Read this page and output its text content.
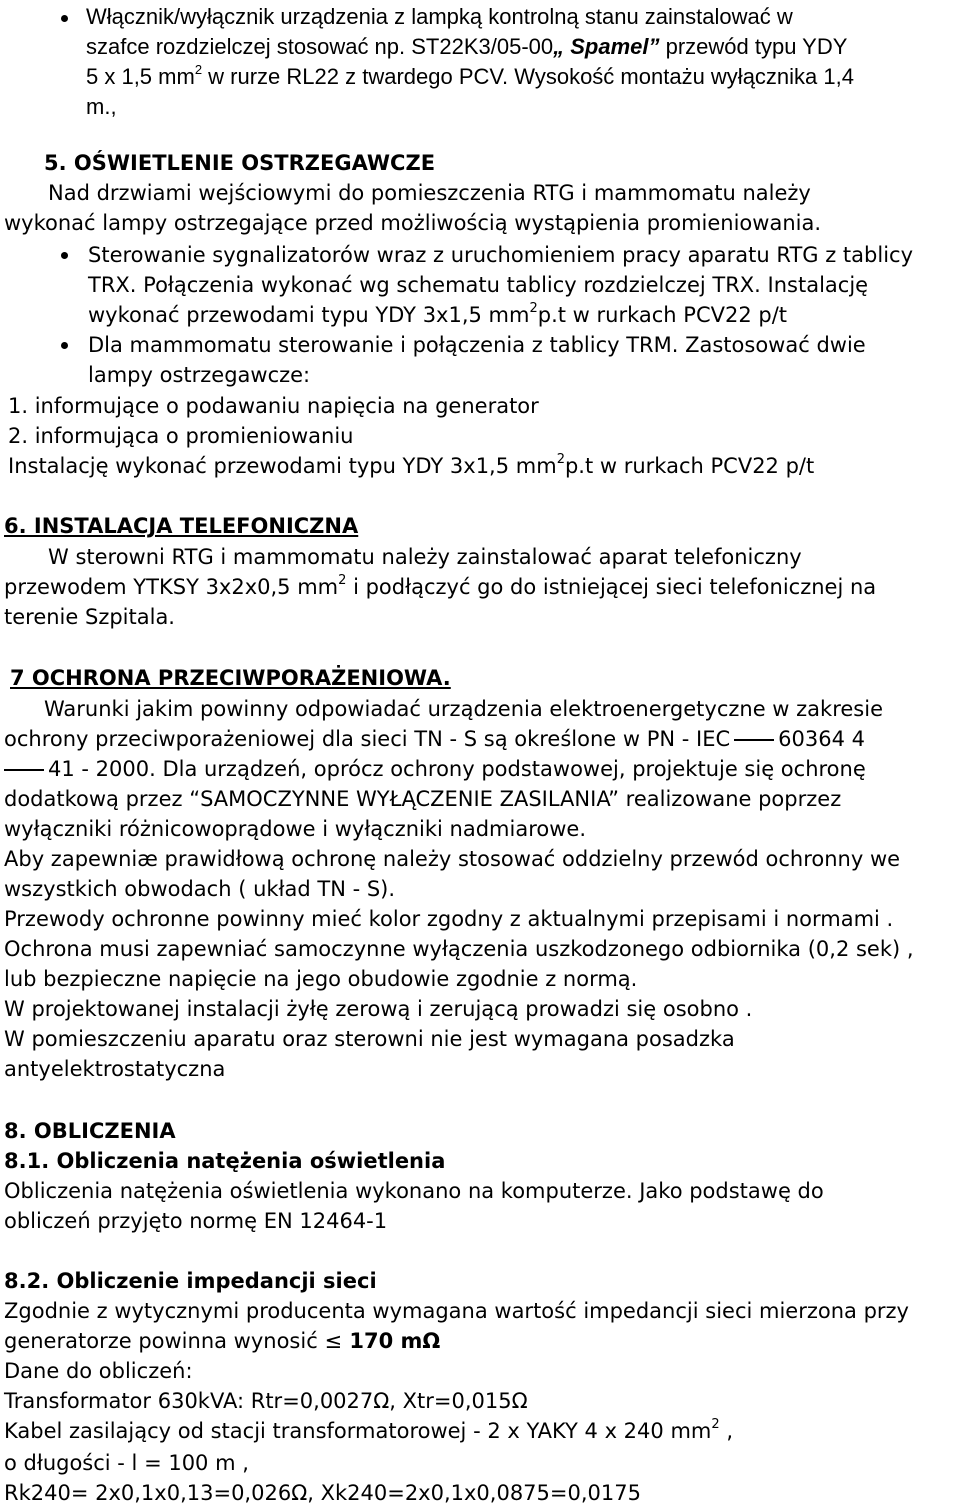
Włącznik/wyłącznik urządzenia z lampką kontrolną stanu zainstalować w
szafce rozdzielczej stosować np. ST22K3/05-00„ Spamel” przewód typu YDY
5 x 1,5 $mm^2$ w rurze RL22 z twardego PCV. Wysokość montażu wyłącznika 1,4
m.,
5. OŚWIETLENIE OSTRZEGAWCZE
Nad drzwiami wejściowymi do pomieszczenia RTG i mammomatu należy
wykonać lampy ostrzegające przed możliwością wystąpienia promieniowania.
Sterowanie sygnalizatorów wraz z uruchomieniem pracy aparatu RTG z tablicy
TRX. Połączenia wykonać wg schematu tablicy rozdzielczej TRX. Instalację
wykonać przewodami typu YDY 3x1,5 $mm^2p.t$ w rurkach PCV22 p/t
Dla mammomatu sterowanie i połączenia z tablicy TRM. Zastosować dwie
lampy ostrzegawcze:
1. informujące o podawaniu napięcia na generator
2. informująca o promieniowaniu
Instalację wykonać przewodami typu YDY 3x1,5 $mm^2p.t$ w rurkach PCV22 p/t
6. INSTALACJA TELEFONICZNA
W sterowni RTG i mammomatu należy zainstalować aparat telefoniczny
przewodem YTKSY 3x2x0,5 $mm^2$ i podłączyć go do istniejącej sieci telefonicznej na
terenie Szpitala.
7 OCHRONA PRZECIWPORAŻENIOWA.
Warunki jakim powinny odpowiadać urządzenia elektroenergetyczne w zakresie
ochrony przeciwporażeniowej dla sieci TN - S są określone w PN - IEC 60364 4
41 - 2000. Dla urządzeń, oprócz ochrony podstawowej, projektuje się ochronę
dodatkową przez “SAMOCZYNNE WYŁĄCZENIE ZASILANIA” realizowane poprzez
wyłączniki różnicowoprądowe i wyłączniki nadmiarowe.
Aby zapewniæ prawidłową ochronę należy stosować oddzielny przewód ochronny we
wszystkich obwodach ( układ TN - S).
Przewody ochronne powinny mieć kolor zgodny z aktualnymi przepisami i normami .
Ochrona musi zapewniać samoczynne wyłączenia uszkodzonego odbiornika (0,2 sek) ,
lub bezpieczne napięcie na jego obudowie zgodnie z normą.
W projektowanej instalacji żyłę zerową i zerującą prowadzi się osobno .
W pomieszczeniu aparatu oraz sterowni nie jest wymagana posadzka
antyelektrostatyczna
8. OBLICZENIA
8.1. Obliczenia natężenia oświetlenia
Obliczenia natężenia oświetlenia wykonano na komputerze. Jako podstawę do
obliczeń przyjęto normę EN 12464-1
8.2. Obliczenie impedancji sieci
Zgodnie z wytycznymi producenta wymagana wartość impedancji sieci mierzona przy
generatorze powinna wynosić ≤ 170 mΩ
Dane do obliczeń:
Transformator 630kVA: Rtr=0,0027Ω, Xtr=0,015Ω
Kabel zasilający od stacji transformatorowej - 2 x YAKY 4 x 240 $mm^2$ ,
o długości - l = 100 m ,
Rk240= 2x0,1x0,13=0,026Ω, Xk240=2x0,1x0,0875=0,0175
